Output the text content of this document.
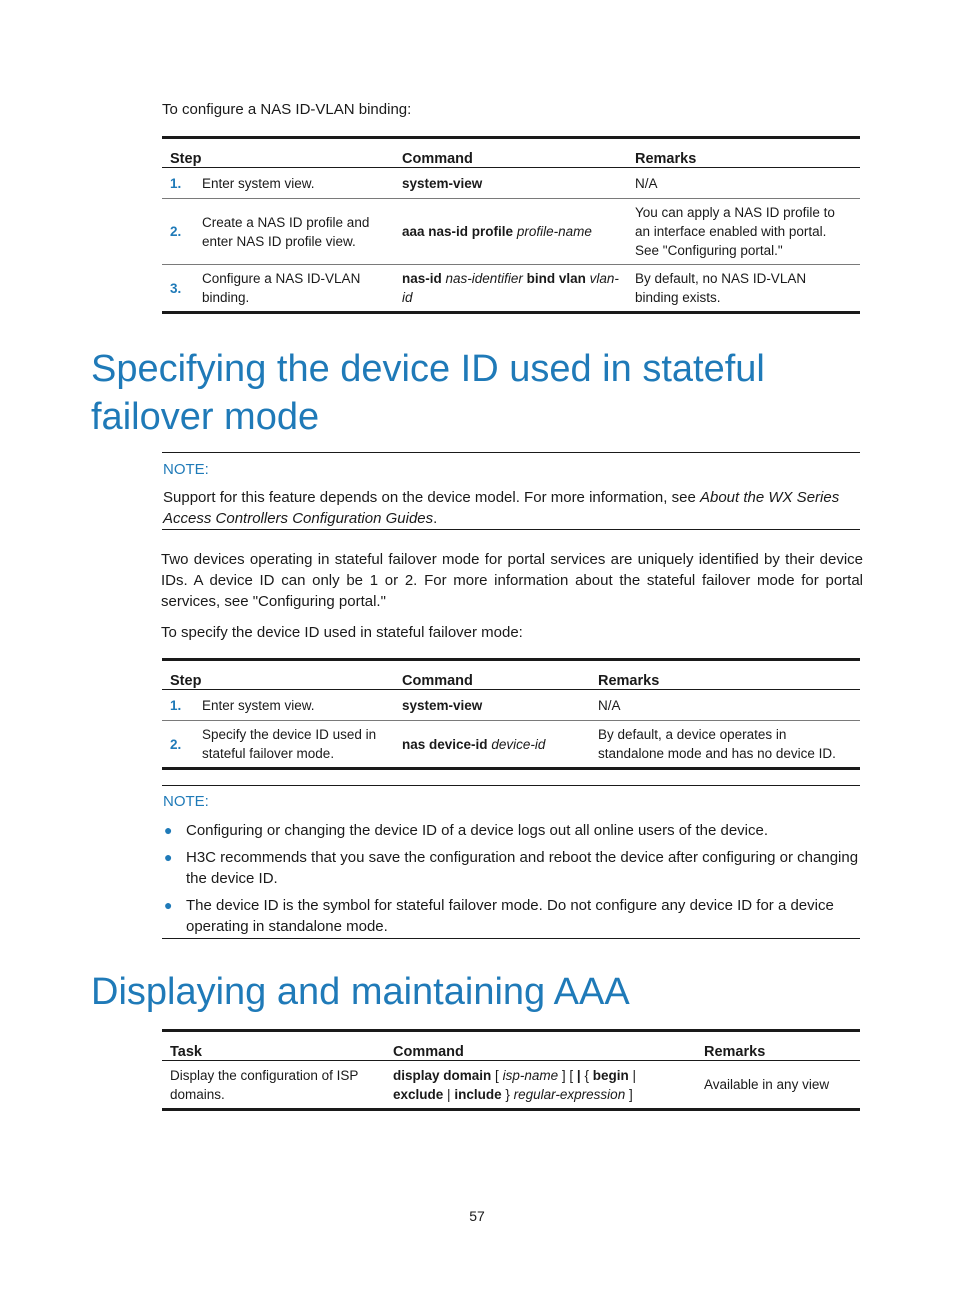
To configure a NAS ID-VLAN binding:
Step		Command	Remarks
1.	Enter system view.	system-view	N/A
2.	Create a NAS ID profile and enter NAS ID profile view.	aaa nas-id profile profile-name	You can apply a NAS ID profile to an interface enabled with portal. See "Configuring portal."
3.	Configure a NAS ID-VLAN binding.	nas-id nas-identifier bind vlan vlan-id	By default, no NAS ID-VLAN binding exists.
Specifying the device ID used in stateful failover mode
NOTE:
Support for this feature depends on the device model. For more information, see About the WX Series Access Controllers Configuration Guides.
Two devices operating in stateful failover mode for portal services are uniquely identified by their device IDs. A device ID can only be 1 or 2. For more information about the stateful failover mode for portal services, see "Configuring portal."
To specify the device ID used in stateful failover mode:
Step		Command	Remarks
1.	Enter system view.	system-view	N/A
2.	Specify the device ID used in stateful failover mode.	nas device-id device-id	By default, a device operates in standalone mode and has no device ID.
NOTE:
● Configuring or changing the device ID of a device logs out all online users of the device.
● H3C recommends that you save the configuration and reboot the device after configuring or changing the device ID.
● The device ID is the symbol for stateful failover mode. Do not configure any device ID for a device operating in standalone mode.
Displaying and maintaining AAA
Task	Command	Remarks
Display the configuration of ISP domains.	display domain [ isp-name ] [ | { begin | exclude | include } regular-expression ]	Available in any view
57
